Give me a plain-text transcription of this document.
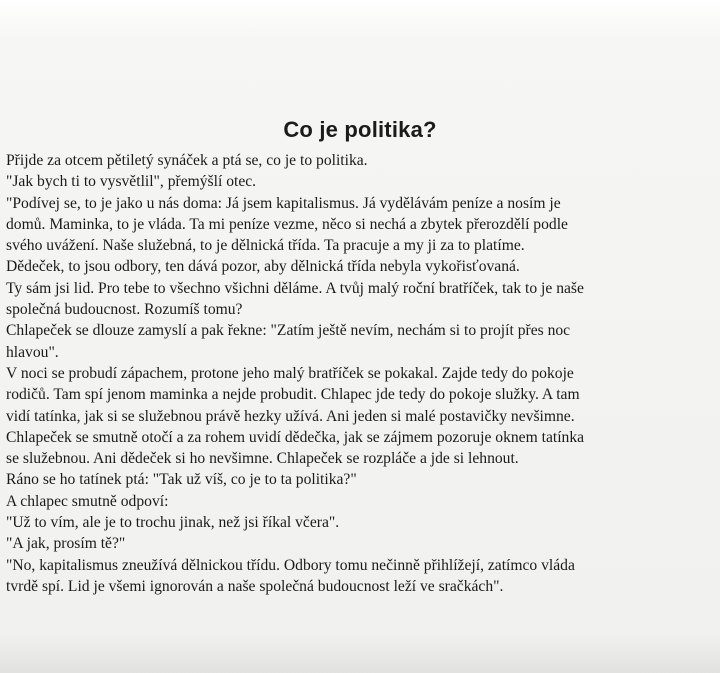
Co je politika?
Přijde za otcem pětiletý synáček a ptá se, co je to politika.
"Jak bych ti to vysvětlil", přemýšlí otec.
"Podívej se, to je jako u nás doma: Já jsem kapitalismus. Já vydělávám peníze a nosím je
domů. Maminka, to je vláda. Ta mi peníze vezme, něco si nechá a zbytek přerozdělí podle
svého uvážení. Naše služebná, to je dělnická třída. Ta pracuje a my ji za to platíme.
Dědeček, to jsou odbory, ten dává pozor, aby dělnická třída nebyla vykořisťovaná.
Ty sám jsi lid. Pro tebe to všechno všichni děláme. A tvůj malý roční bratříček, tak to je naše
společná budoucnost. Rozumíš tomu?
Chlapeček se dlouze zamyslí a pak řekne: "Zatím ještě nevím, nechám si to projít přes noc
hlavou".
V noci se probudí zápachem, protone jeho malý bratříček se pokakal. Zajde tedy do pokoje
rodičů. Tam spí jenom maminka a nejde probudit. Chlapec jde tedy do pokoje služky. A tam
vidí tatínka, jak si se služebnou právě hezky užívá. Ani jeden si malé postavičky nevšimne.
Chlapeček se smutně otočí a za rohem uvidí dědečka, jak se zájmem pozoruje oknem tatínka
se služebnou. Ani dědeček si ho nevšimne. Chlapeček se rozpláče a jde si lehnout.
Ráno se ho tatínek ptá: "Tak už víš, co je to ta politika?"
A chlapec smutně odpoví:
"Už to vím, ale je to trochu jinak, než jsi říkal včera".
"A jak, prosím tě?"
"No, kapitalismus zneužívá dělnickou třídu. Odbory tomu nečinně přihlížejí, zatímco vláda
tvrdě spí. Lid je všemi ignorován a naše společná budoucnost leží ve sračkách".
